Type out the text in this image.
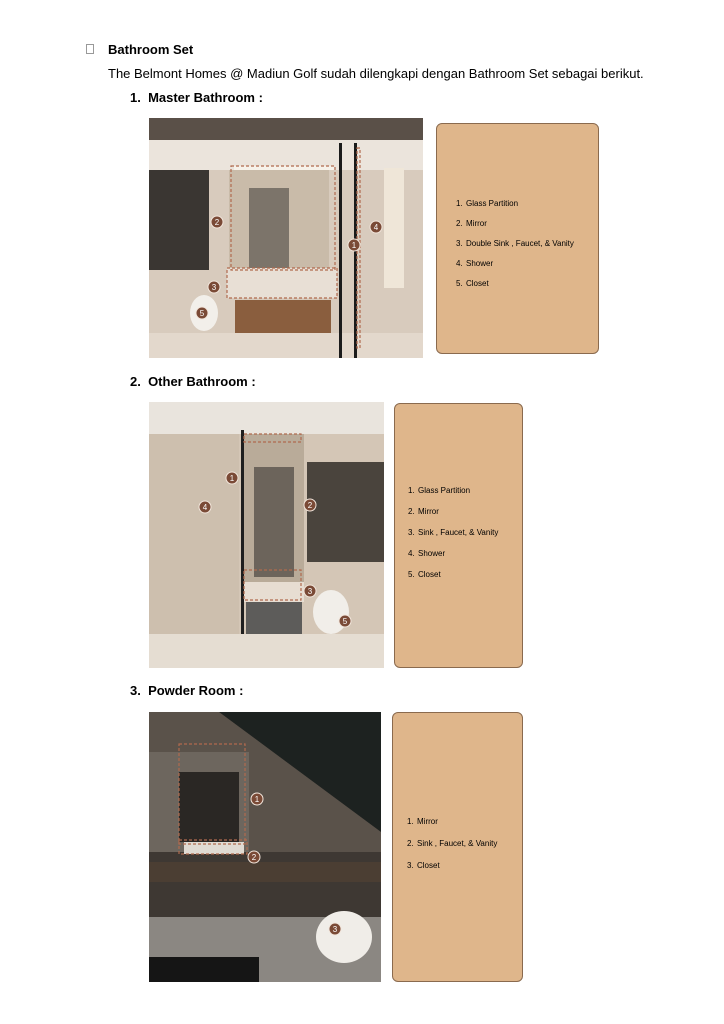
Bathroom Set
The Belmont Homes @ Madiun Golf sudah dilengkapi dengan Bathroom Set sebagai berikut.
1.  Master Bathroom :
1
2
3
4
5
1. Glass Partition
2. Mirror
3. Double Sink , Faucet, & Vanity
4. Shower
5. Closet
2.  Other Bathroom :
1
2
3
4
5
1. Glass Partition
2. Mirror
3. Sink , Faucet, & Vanity
4. Shower
5. Closet
3.  Powder Room :
1
2
3
1. Mirror
2. Sink , Faucet, & Vanity
3. Closet
